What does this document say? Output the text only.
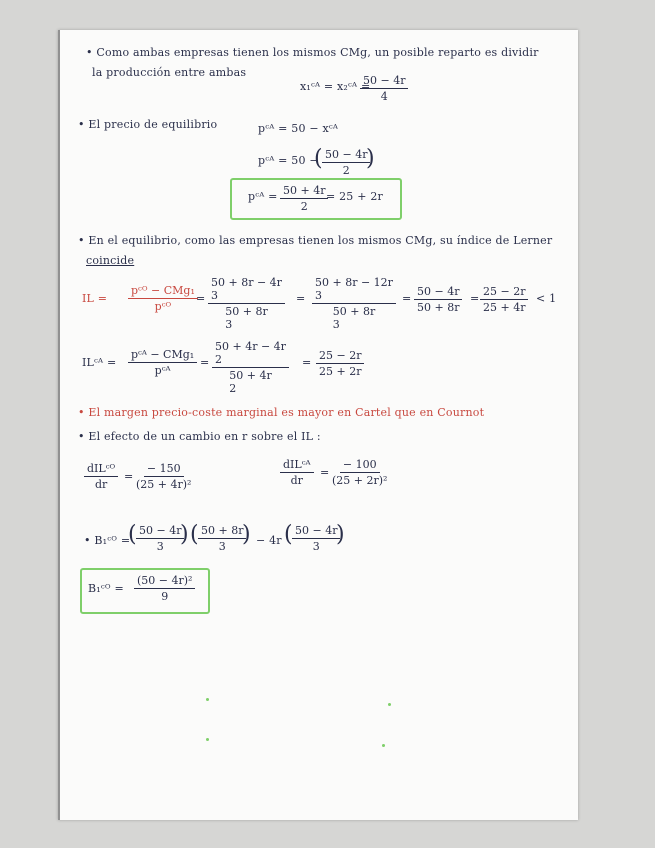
• Como ambas empresas tienen los mismos CMg, un posible reparto es dividir
la producción entre ambas
x₁ᶜᴬ = x₂ᶜᴬ =
$\frac{50 - 4r}{4}$
• El precio de equilibrio	pᶜᴬ = 50 − xᶜᴬ
pᶜᴬ = 50 −
( $\frac{50 - 4r}{2}$
)
pᶜᴬ = $\frac{50 + 4r}{2}$
= 25 + 2r
• En el equilibrio, como las empresas tienen los mismos CMg, su índice de Lerner
coincide
IL =
pᶜᴼ − CMg₁
pᶜᴼ
=
50 + 8r − 4r
3
50 + 8r
3
=
50 + 8r − 12r
3
50 + 8r
3
= $\frac{50 - 4r}{50 + 8r} = \frac{25 - 2r}{25 + 4r} < 1$
ILᶜᴬ =
pᶜᴬ − CMg₁
pᶜᴬ
=
50 + 4r − 4r
2
50 + 4r
2
= $\frac{25 - 2r}{25 + 2r}$
• El margen precio-coste marginal es mayor en Cartel que en Cournot
• El efecto de un cambio en r sobre el IL :
dILᶜᴼ
dr
= $\frac{- 150}{\text{(25 + 4r)²}}$	dILᶜᴬ
dr
= $\frac{- 100}{\text{(25 + 2r)²}}$
• B₁ᶜᴼ =
( $\frac{50 - 4r}{3}$
) ( $\frac{50 + 8r}{3}$
) − 4r ( $\frac{50 - 4r}{3}$
)
B₁ᶜᴼ = $\frac{\text{(50 − 4r)²}}{9}$
